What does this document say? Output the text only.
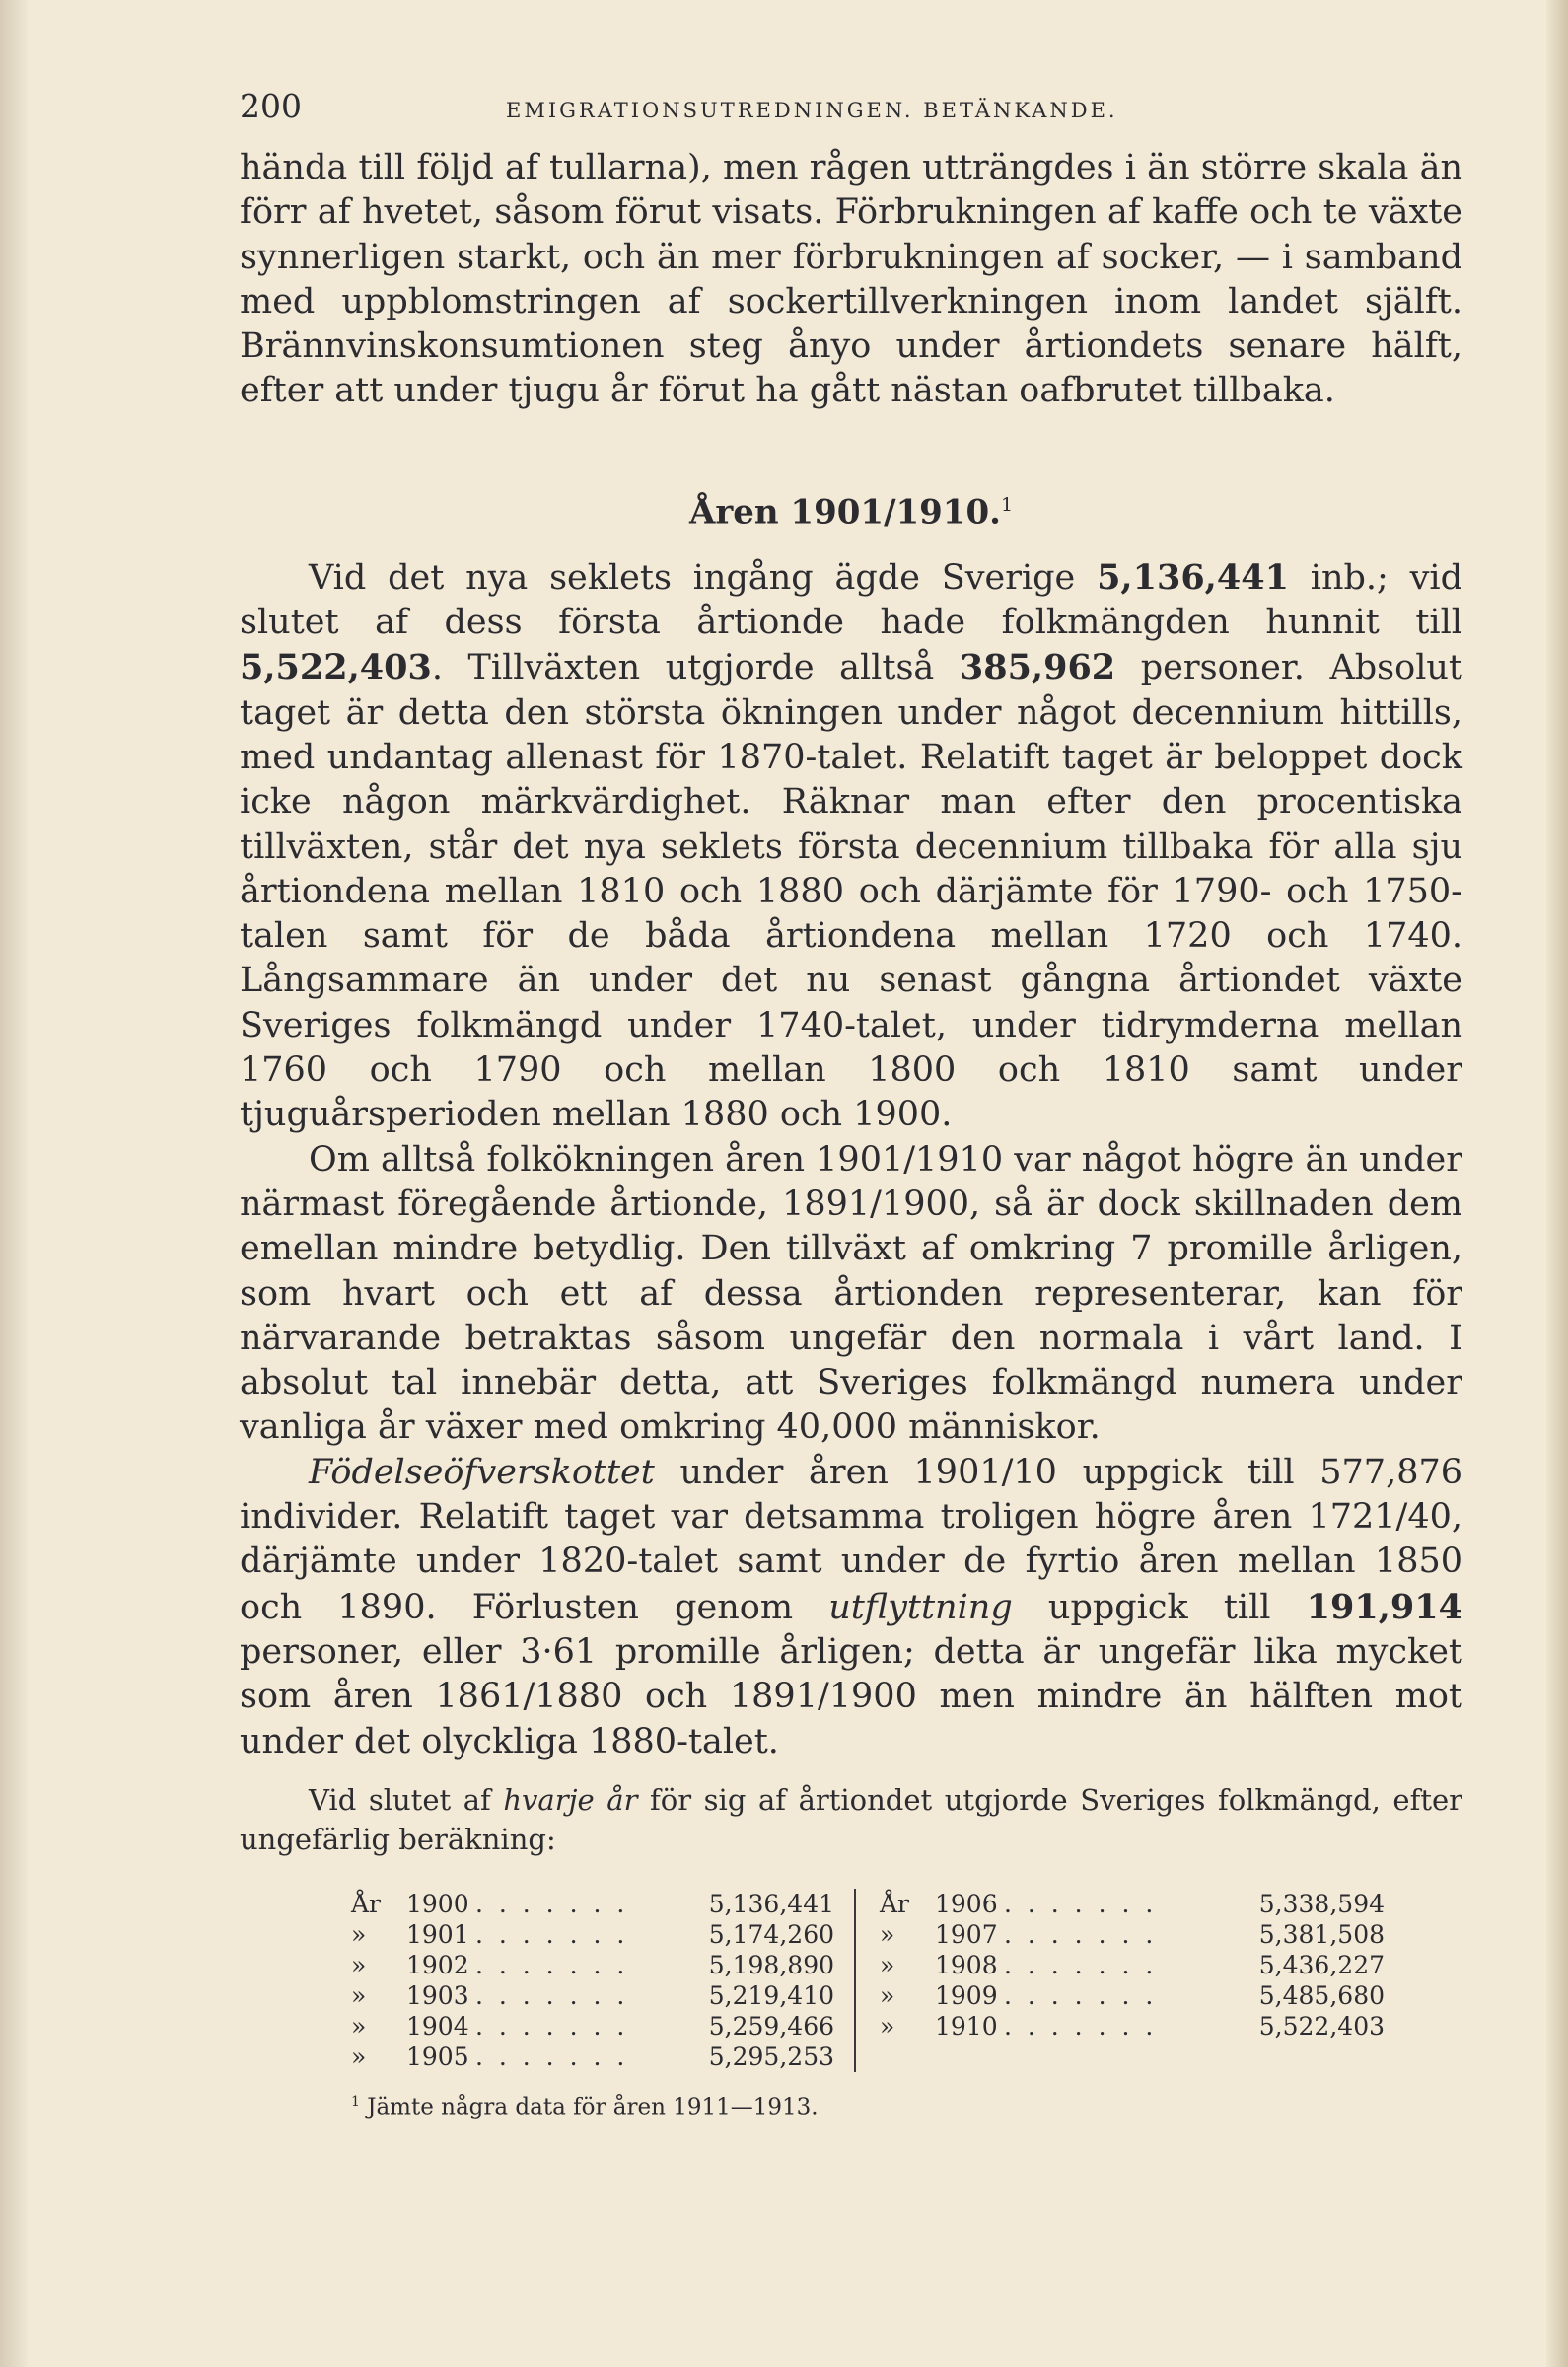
200	EMIGRATIONSUTREDNINGEN. BETÄNKANDE.

hända till följd af tullarna), men rågen utträngdes i än större skala än förr af hvetet, såsom förut visats. Förbrukningen af kaffe och te växte synnerligen starkt, och än mer förbrukningen af socker, — i samband med uppblomstringen af sockertillverkningen inom landet själft. Brännvinskonsumtionen steg ånyo under årtiondets senare hälft, efter att under tjugu år förut ha gått nästan oafbrutet tillbaka.

Åren 1901/1910.$^1$

Vid det nya seklets ingång ägde Sverige 5,136,441 inb.; vid slutet af dess första årtionde hade folkmängden hunnit till 5,522,403. Tillväxten utgjorde alltså 385,962 personer. Absolut taget är detta den största ökningen under något decennium hittills, med undantag allenast för 1870-talet. Relatift taget är beloppet dock icke någon märkvärdighet. Räknar man efter den procentiska tillväxten, står det nya seklets första decennium tillbaka för alla sju årtiondena mellan 1810 och 1880 och därjämte för 1790- och 1750-talen samt för de båda årtiondena mellan 1720 och 1740. Långsammare än under det nu senast gångna årtiondet växte Sveriges folkmängd under 1740-talet, under tidrymderna mellan 1760 och 1790 och mellan 1800 och 1810 samt under tjuguårsperioden mellan 1880 och 1900.

Om alltså folkökningen åren 1901/1910 var något högre än under närmast föregående årtionde, 1891/1900, så är dock skillnaden dem emellan mindre betydlig. Den tillväxt af omkring 7 promille årligen, som hvart och ett af dessa årtionden representerar, kan för närvarande betraktas såsom ungefär den normala i vårt land. I absolut tal innebär detta, att Sveriges folkmängd numera under vanliga år växer med omkring 40,000 människor.

Födelseöfverskottet under åren 1901/10 uppgick till 577,876 individer. Relatift taget var detsamma troligen högre åren 1721/40, därjämte under 1820-talet samt under de fyrtio åren mellan 1850 och 1890. Förlusten genom utflyttning uppgick till 191,914 personer, eller 3·61 promille årligen; detta är ungefär lika mycket som åren 1861/1880 och 1891/1900 men mindre än hälften mot under det olyckliga 1880-talet.

Vid slutet af hvarje år för sig af årtiondet utgjorde Sveriges folkmängd, efter ungefärlig beräkning:
År	1900 . . . . . . .	5,136,441
»	1901 . . . . . . .	5,174,260
»	1902 . . . . . . .	5,198,890
»	1903 . . . . . . .	5,219,410
»	1904 . . . . . . .	5,259,466
»	1905 . . . . . . .	5,295,253
År	1906 . . . . . . .	5,338,594
»	1907 . . . . . . .	5,381,508
»	1908 . . . . . . .	5,436,227
»	1909 . . . . . . .	5,485,680
»	1910 . . . . . . .	5,522,403
$^1$ Jämte några data för åren 1911—1913.
